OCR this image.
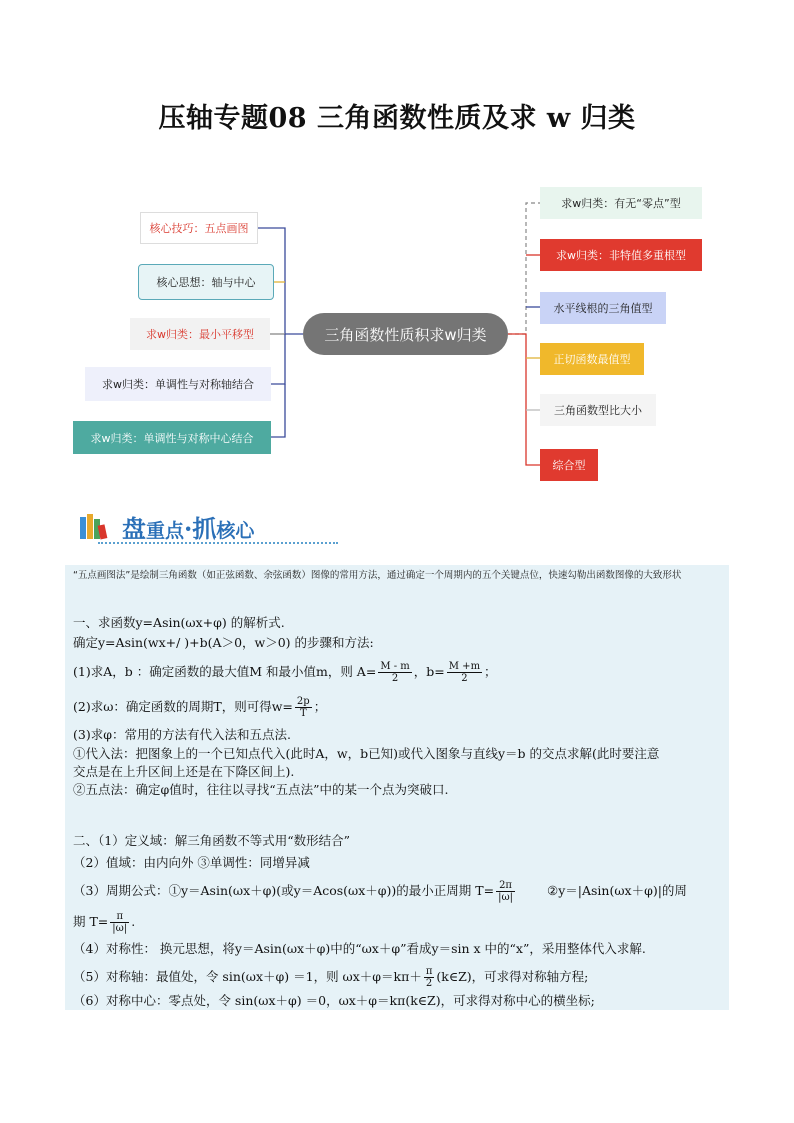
压轴专题08 三角函数性质及求 w 归类
三角函数性质积求w归类
核心技巧：五点画图
核心思想：轴与中心
求w归类：最小平移型
求w归类：单调性与对称轴结合
求w归类：单调性与对称中心结合
求w归类：有无“零点”型
求w归类：非特值多重根型
水平线根的三角值型
正切函数最值型
三角函数型比大小
综合型
盘重点·抓核心
“五点画图法”是绘制三角函数（如正弦函数、余弦函数）图像的常用方法，通过确定一个周期内的五个关键点位，快速勾勒出函数图像的大致形状
一、求函数y=Asin(ωx+φ) 的解析式.
确定y=Asin(wx+/ )+b(A＞0，w＞0) 的步骤和方法:
(1)求A，b ：确定函数的最大值M 和最小值m，则 $A= \frac{M - m}{2}$ ，$b= \frac{M +m}{2}$ ；
(2)求ω：确定函数的周期T，则可得$w= \frac{2p}{T}$ ；
(3)求φ：常用的方法有代入法和五点法.
①代入法：把图象上的一个已知点代入(此时A，w，b已知)或代入图象与直线y＝b 的交点求解(此时要注意
交点是在上升区间上还是在下降区间上).
②五点法：确定φ值时，往往以寻找“五点法”中的某一个点为突破口.
二、（1）定义域：解三角函数不等式用“数形结合”
（2）值域：由内向外 ③单调性：同增异减
（3）周期公式：①y＝Asin(ωx＋φ)(或y＝Acos(ωx＋φ))的最小正周期 $T= \frac{2\pi}{|\omega|}$	②y＝|Asin(ωx＋φ)|的周
期 $T= \frac{\pi}{|\omega|}$ .
（4）对称性： 换元思想，将y＝Asin(ωx＋φ)中的“ωx＋φ”看成y＝sin x 中的“x”，采用整体代入求解.
（5）对称轴：最值处，令 sin(ωx＋φ) ＝1，则 $\omega x+\varphi=k\pi+ \frac{\pi}{2}$ (k∈Z)，可求得对称轴方程;
（6）对称中心：零点处，令 sin(ωx＋φ) ＝0，ωx＋φ＝kπ(k∈Z)，可求得对称中心的横坐标;
